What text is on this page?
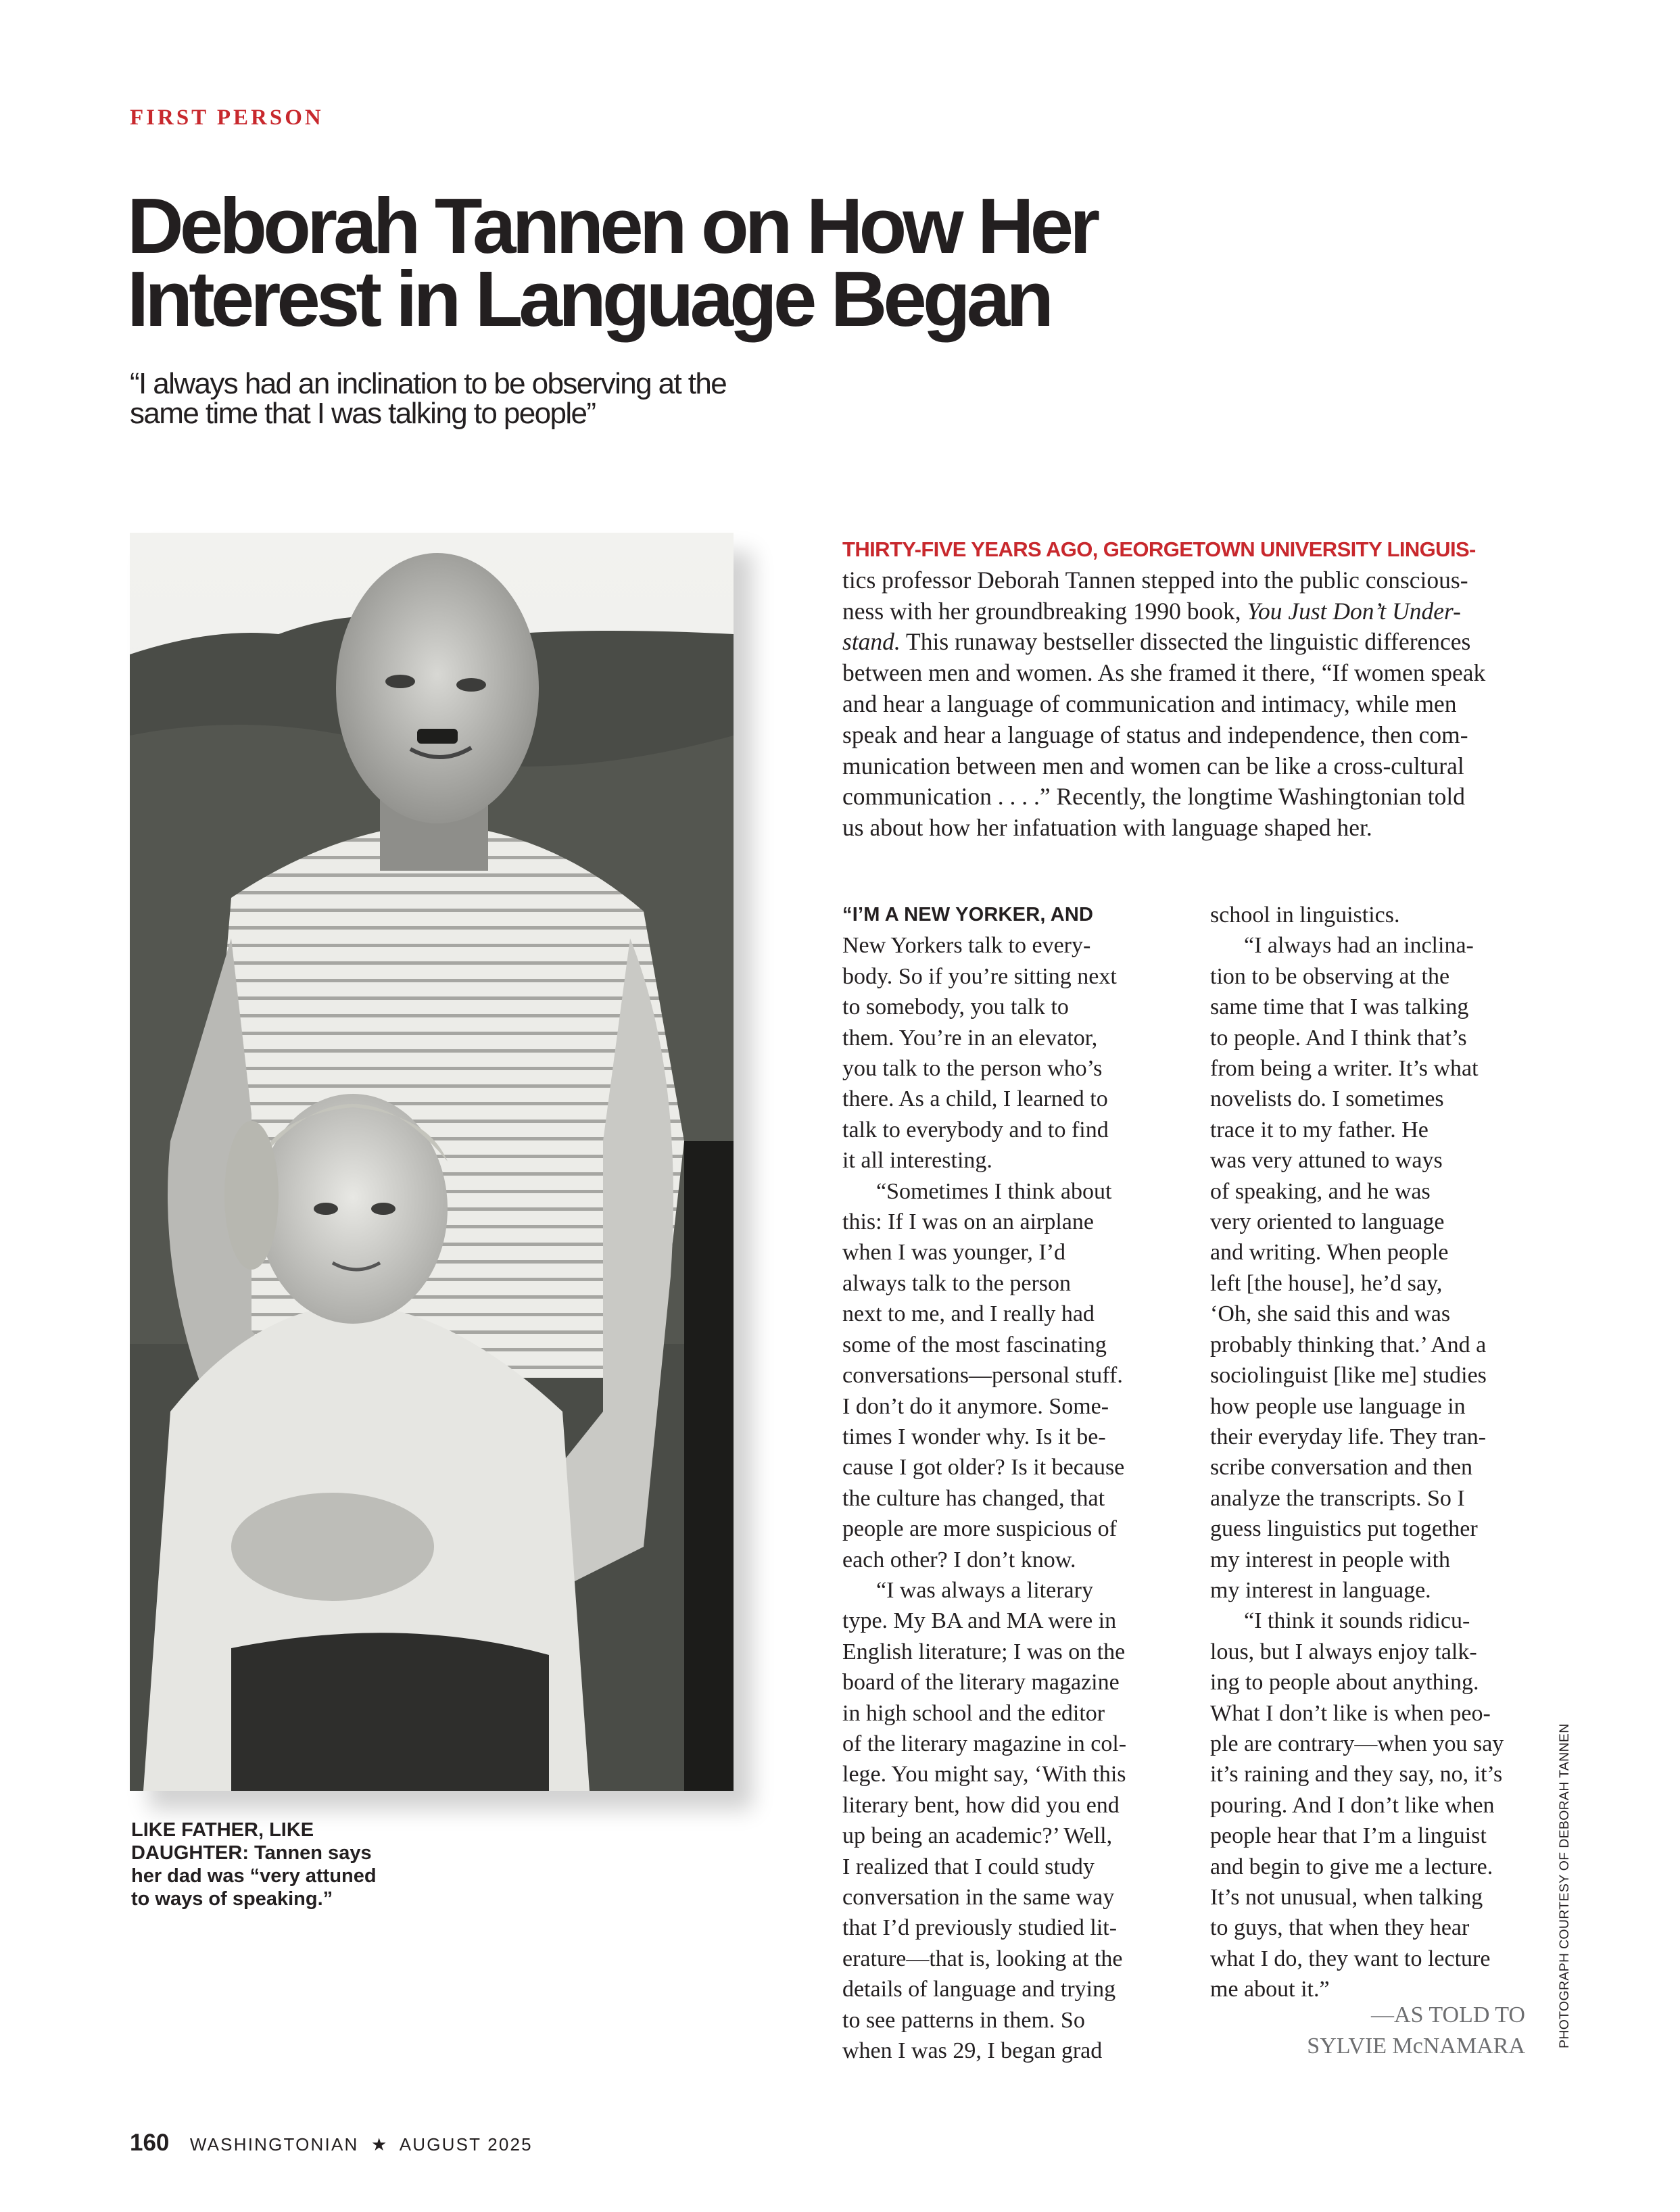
FIRST PERSON
Deborah Tannen on How Her
Interest in Language Began
“I always had an inclination to be observing at the
same time that I was talking to people”
LIKE FATHER, LIKE
DAUGHTER: Tannen says
her dad was “very attuned
to ways of speaking.”
THIRTY-FIVE YEARS AGO, GEORGETOWN UNIVERSITY LINGUIS-
tics professor Deborah Tannen stepped into the public conscious-
ness with her groundbreaking 1990 book, You Just Don’t Under-
stand. This runaway bestseller dissected the linguistic differences
between men and women. As she framed it there, “If women speak
and hear a language of communication and intimacy, while men
speak and hear a language of status and independence, then com-
munication between men and women can be like a cross-cultural
communication . . . .” Recently, the longtime Washingtonian told
us about how her infatuation with language shaped her.
“I’M A NEW YORKER, AND
New Yorkers talk to every-
body. So if you’re sitting next
to somebody, you talk to
them. You’re in an elevator,
you talk to the person who’s
there. As a child, I learned to
talk to everybody and to find
it all interesting.
“Sometimes I think about
this: If I was on an airplane
when I was younger, I’d
always talk to the person
next to me, and I really had
some of the most fascinating
conversations—personal stuff.
I don’t do it anymore. Some-
times I wonder why. Is it be-
cause I got older? Is it because
the culture has changed, that
people are more suspicious of
each other? I don’t know.
“I was always a literary
type. My BA and MA were in
English literature; I was on the
board of the literary magazine
in high school and the editor
of the literary magazine in col-
lege. You might say, ‘With this
literary bent, how did you end
up being an academic?’ Well,
I realized that I could study
conversation in the same way
that I’d previously studied lit-
erature—that is, looking at the
details of language and trying
to see patterns in them. So
when I was 29, I began grad
school in linguistics.
“I always had an inclina-
tion to be observing at the
same time that I was talking
to people. And I think that’s
from being a writer. It’s what
novelists do. I sometimes
trace it to my father. He
was very attuned to ways
of speaking, and he was
very oriented to language
and writing. When people
left [the house], he’d say,
‘Oh, she said this and was
probably thinking that.’ And a
sociolinguist [like me] studies
how people use language in
their everyday life. They tran-
scribe conversation and then
analyze the transcripts. So I
guess linguistics put together
my interest in people with
my interest in language.
“I think it sounds ridicu-
lous, but I always enjoy talk-
ing to people about anything.
What I don’t like is when peo-
ple are contrary—when you say
it’s raining and they say, no, it’s
pouring. And I don’t like when
people hear that I’m a linguist
and begin to give me a lecture.
It’s not unusual, when talking
to guys, that when they hear
what I do, they want to lecture
me about it.”
—AS TOLD TO
SYLVIE McNAMARA PHOTOGRAPH COURTESY OF DEBORAH TANNEN
160 WASHINGTONIAN ★ AUGUST 2025
